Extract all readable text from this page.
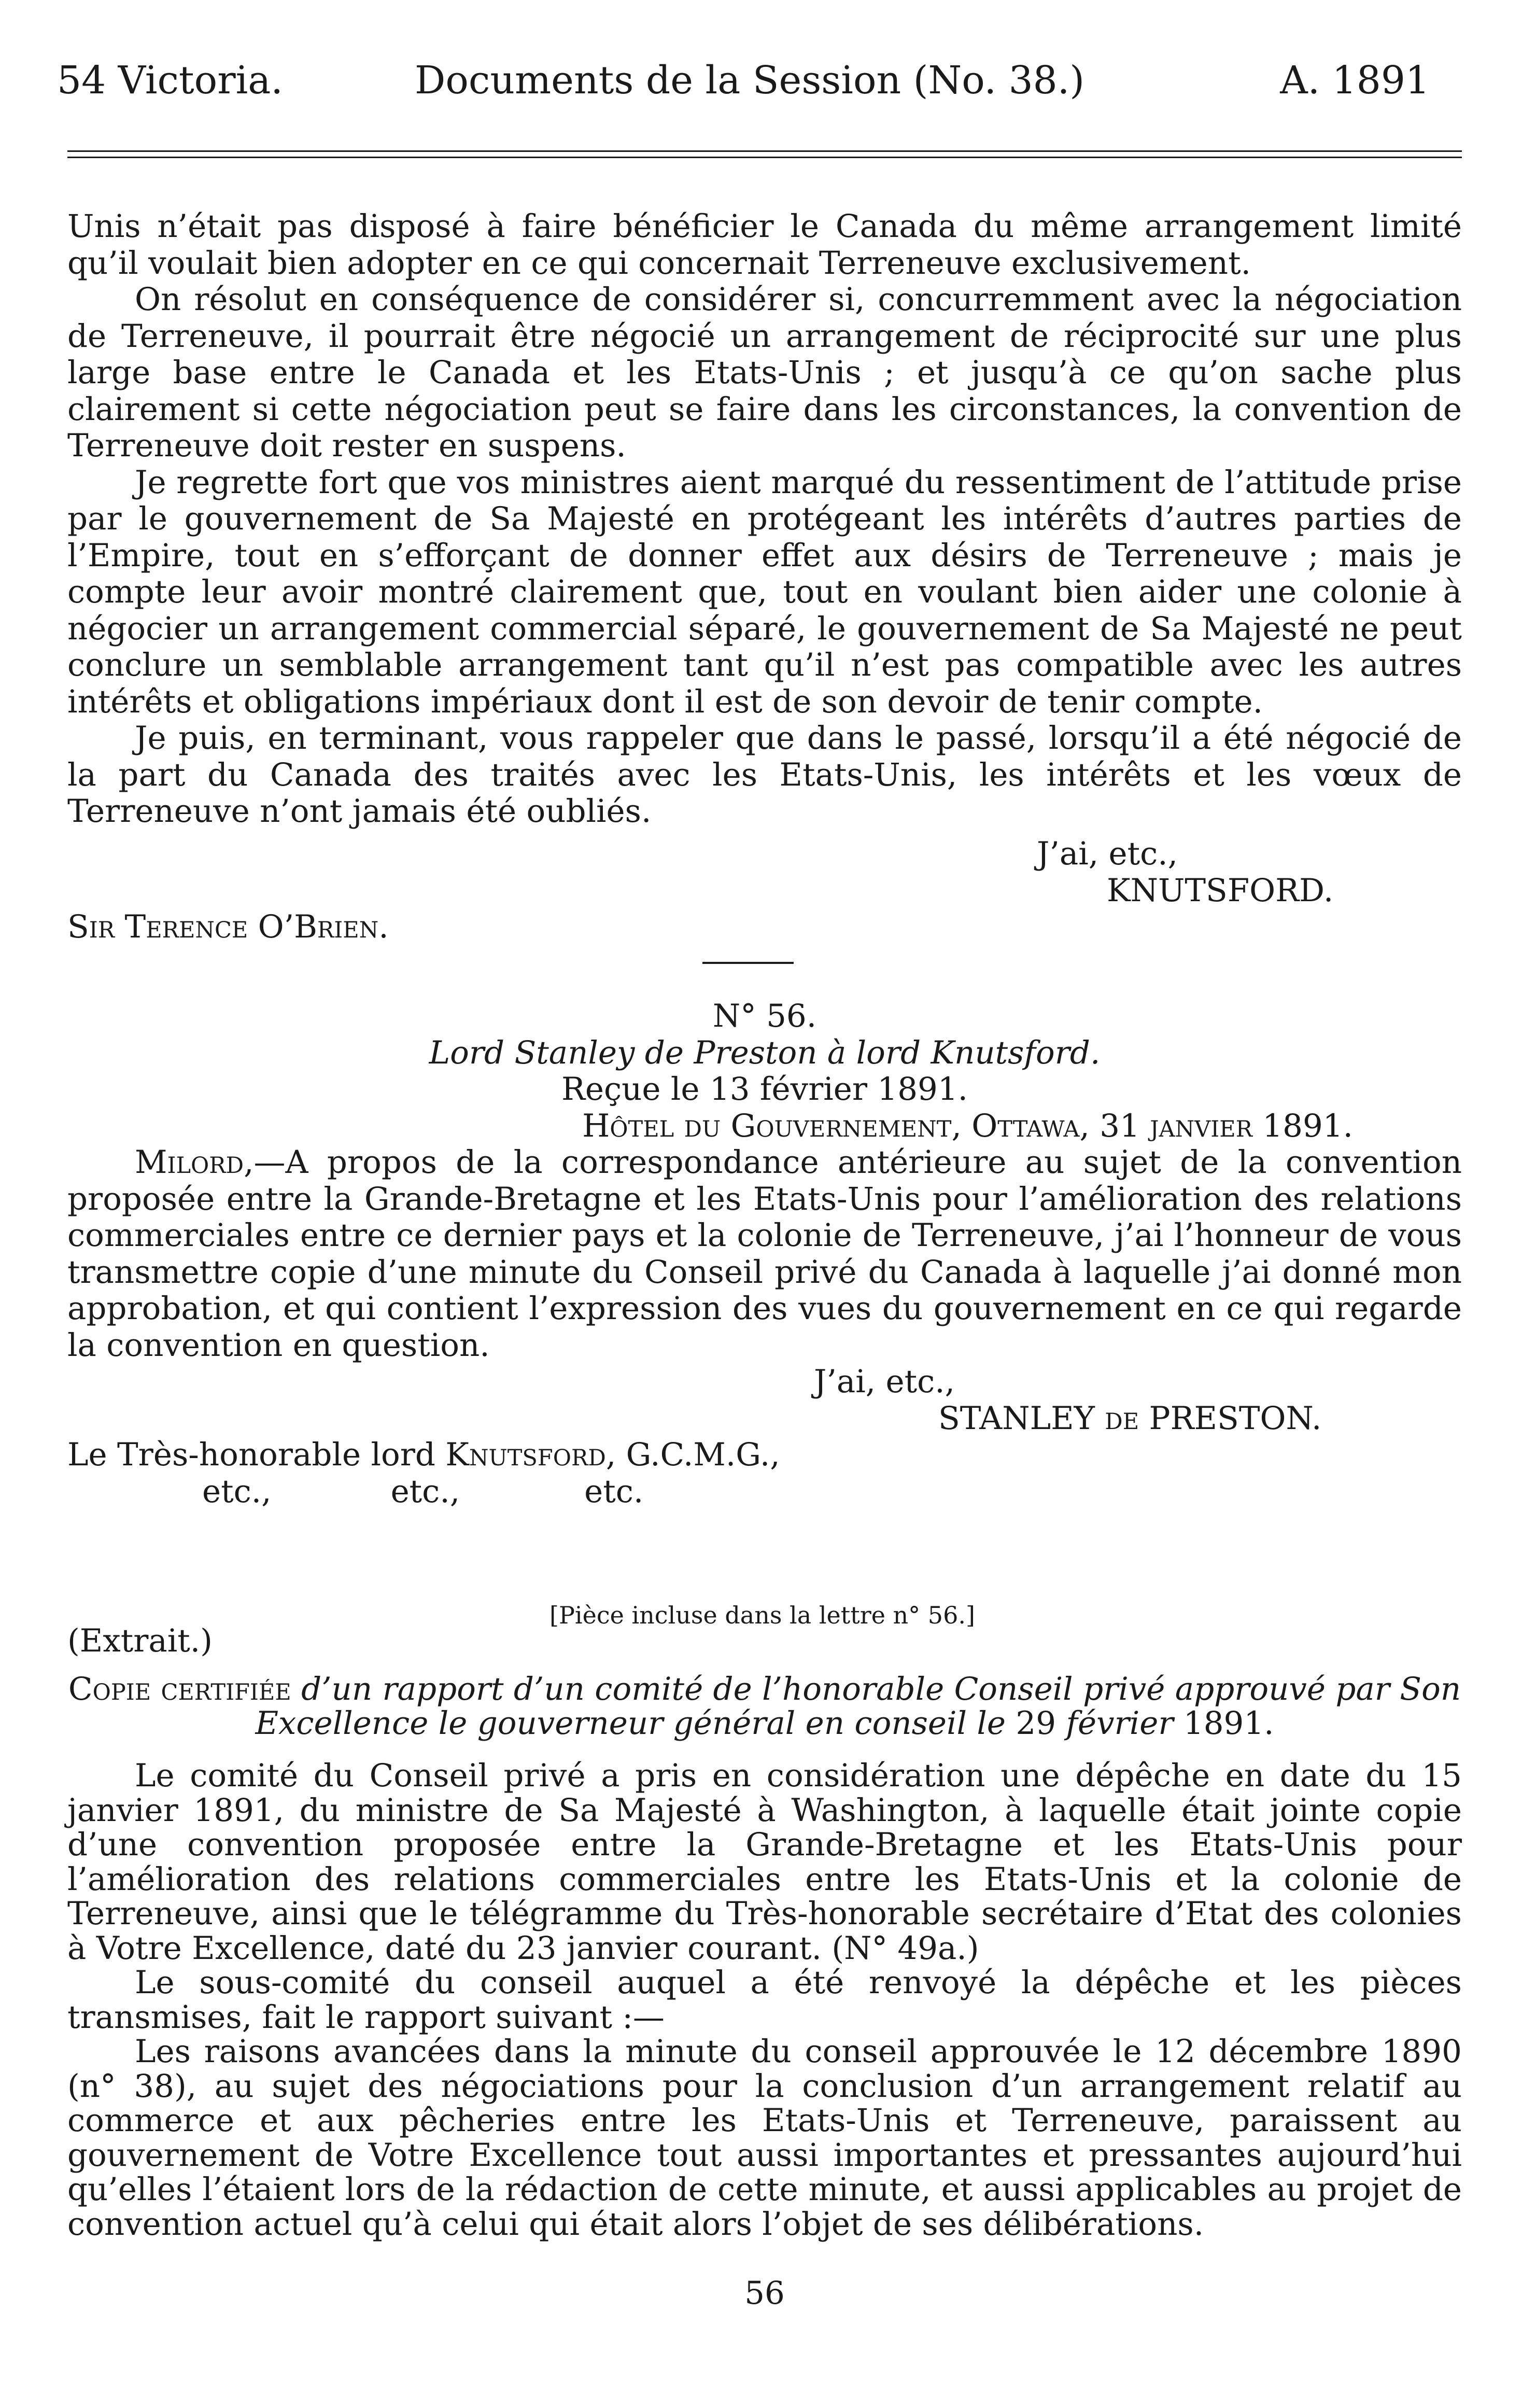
54 Victoria.	Documents de la Session (No. 38.)	A. 1891

Unis n’était pas disposé à faire bénéficier le Canada du même arrangement limité qu’il voulait bien adopter en ce qui concernait Terreneuve exclusivement.

On résolut en conséquence de considérer si, concurremment avec la négociation de Terreneuve, il pourrait être négocié un arrangement de réciprocité sur une plus large base entre le Canada et les Etats-Unis ; et jusqu’à ce qu’on sache plus clairement si cette négociation peut se faire dans les circonstances, la convention de Terreneuve doit rester en suspens.

Je regrette fort que vos ministres aient marqué du ressentiment de l’attitude prise par le gouvernement de Sa Majesté en protégeant les intérêts d’autres parties de l’Empire, tout en s’efforçant de donner effet aux désirs de Terreneuve ; mais je compte leur avoir montré clairement que, tout en voulant bien aider une colonie à négocier un arrangement commercial séparé, le gouvernement de Sa Majesté ne peut conclure un semblable arrangement tant qu’il n’est pas compatible avec les autres intérêts et obligations impériaux dont il est de son devoir de tenir compte.

Je puis, en terminant, vous rappeler que dans le passé, lorsqu’il a été négocié de la part du Canada des traités avec les Etats-Unis, les intérêts et les vœux de Terreneuve n’ont jamais été oubliés.

J’ai, etc.,

KNUTSFORD.

Sir Terence O’Brien.

N° 56.

Lord Stanley de Preston à lord Knutsford.

Reçue le 13 février 1891.

Hôtel du Gouvernement, Ottawa, 31 janvier 1891.

Milord,—A propos de la correspondance antérieure au sujet de la convention proposée entre la Grande-Bretagne et les Etats-Unis pour l’amélioration des relations commerciales entre ce dernier pays et la colonie de Terreneuve, j’ai l’honneur de vous transmettre copie d’une minute du Conseil privé du Canada à laquelle j’ai donné mon approbation, et qui contient l’expression des vues du gouvernement en ce qui regarde la convention en question.

J’ai, etc.,

STANLEY de PRESTON.

Le Très-honorable lord Knutsford, G.C.M.G.,

etc.,	etc.,	etc.

[Pièce incluse dans la lettre n° 56.]
(Extrait.)

Copie certifiée d’un rapport d’un comité de l’honorable Conseil privé approuvé par Son Excellence le gouverneur général en conseil le 29 février 1891.

Le comité du Conseil privé a pris en considération une dépêche en date du 15 janvier 1891, du ministre de Sa Majesté à Washington, à laquelle était jointe copie d’une convention proposée entre la Grande-Bretagne et les Etats-Unis pour l’amélioration des relations commerciales entre les Etats-Unis et la colonie de Terreneuve, ainsi que le télégramme du Très-honorable secrétaire d’Etat des colonies à Votre Excellence, daté du 23 janvier courant. (N° 49a.)

Le sous-comité du conseil auquel a été renvoyé la dépêche et les pièces transmises, fait le rapport suivant :—

Les raisons avancées dans la minute du conseil approuvée le 12 décembre 1890 (n° 38), au sujet des négociations pour la conclusion d’un arrangement relatif au commerce et aux pêcheries entre les Etats-Unis et Terreneuve, paraissent au gouvernement de Votre Excellence tout aussi importantes et pressantes aujourd’hui qu’elles l’étaient lors de la rédaction de cette minute, et aussi applicables au projet de convention actuel qu’à celui qui était alors l’objet de ses délibérations.

56
